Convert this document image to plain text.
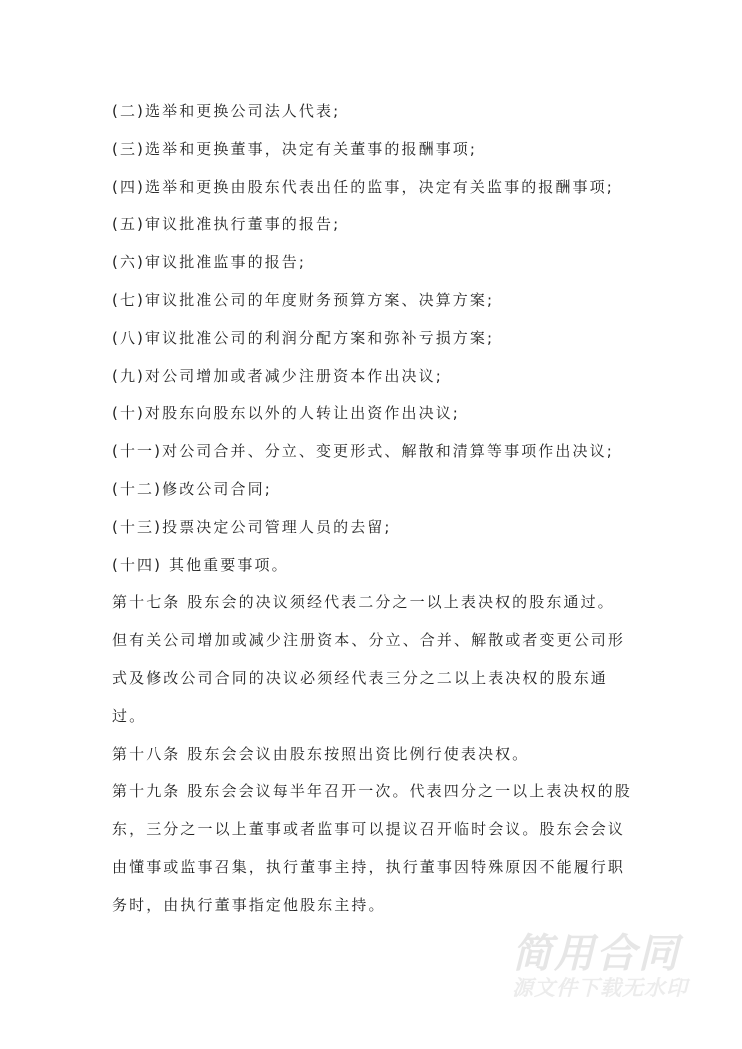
简用合同
源文件下载无水印
(二)选举和更换公司法人代表;
(三)选举和更换董事，决定有关董事的报酬事项;
(四)选举和更换由股东代表出任的监事，决定有关监事的报酬事项;
(五)审议批准执行董事的报告;
(六)审议批准监事的报告;
(七)审议批准公司的年度财务预算方案、决算方案;
(八)审议批准公司的利润分配方案和弥补亏损方案;
(九)对公司增加或者减少注册资本作出决议;
(十)对股东向股东以外的人转让出资作出决议;
(十一)对公司合并、分立、变更形式、解散和清算等事项作出决议;
(十二)修改公司合同;
(十三)投票决定公司管理人员的去留;
(十四) 其他重要事项。
第十七条 股东会的决议须经代表二分之一以上表决权的股东通过。
但有关公司增加或减少注册资本、分立、合并、解散或者变更公司形
式及修改公司合同的决议必须经代表三分之二以上表决权的股东通
过。
第十八条 股东会会议由股东按照出资比例行使表决权。
第十九条 股东会会议每半年召开一次。代表四分之一以上表决权的股
东，三分之一以上董事或者监事可以提议召开临时会议。股东会会议
由懂事或监事召集，执行董事主持，执行董事因特殊原因不能履行职
务时，由执行董事指定他股东主持。
